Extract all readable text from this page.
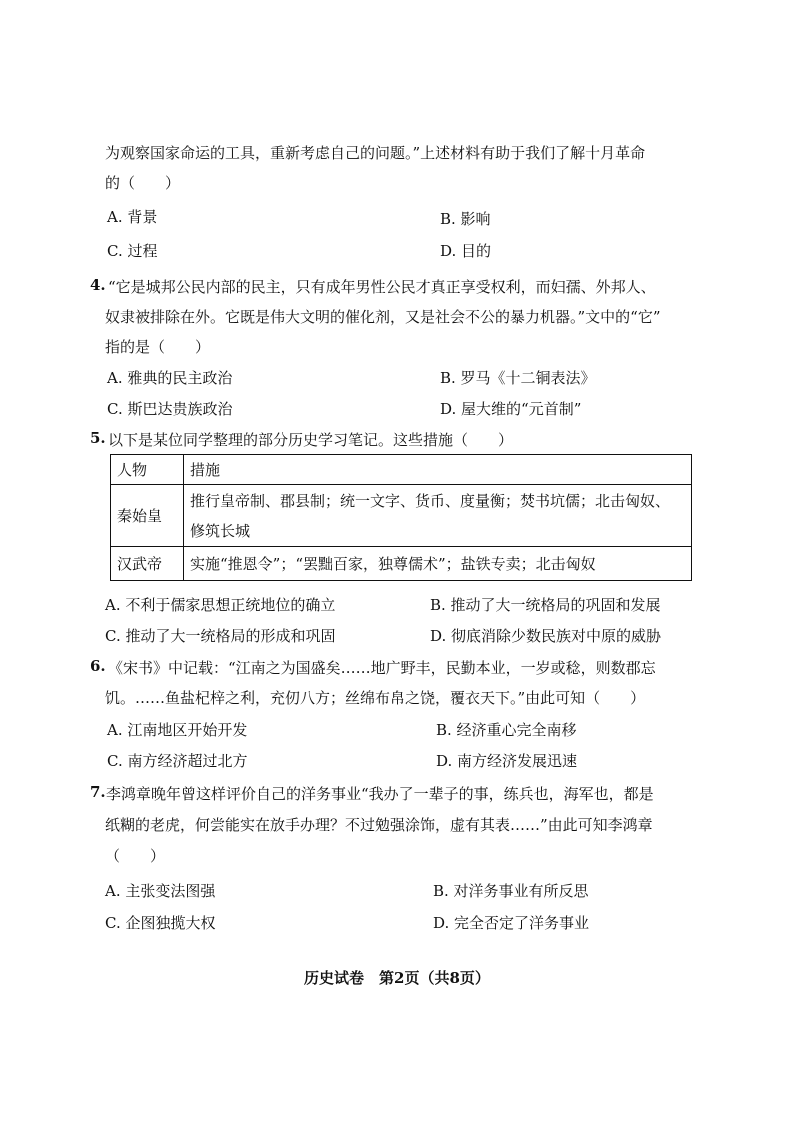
为观察国家命运的工具，重新考虑自己的问题。”上述材料有助于我们了解十月革命
的（　　）
A. 背景	B. 影响
C. 过程	D. 目的
4. “它是城邦公民内部的民主，只有成年男性公民才真正享受权利，而妇孺、外邦人、
奴隶被排除在外。它既是伟大文明的催化剂，又是社会不公的暴力机器。”文中的“它”
指的是（　　）
A. 雅典的民主政治	B. 罗马《十二铜表法》
C. 斯巴达贵族政治	D. 屋大维的“元首制”
5. 以下是某位同学整理的部分历史学习笔记。这些措施（　　）
人物	措施
秦始皇	推行皇帝制、郡县制；统一文字、货币、度量衡；焚书坑儒；北击匈奴、
修筑长城

汉武帝	实施“推恩令”；“罢黜百家，独尊儒术”；盐铁专卖；北击匈奴
A. 不利于儒家思想正统地位的确立	B. 推动了大一统格局的巩固和发展
C. 推动了大一统格局的形成和巩固	D. 彻底消除少数民族对中原的威胁
6. 《宋书》中记载：“江南之为国盛矣……地广野丰，民勤本业，一岁或稔，则数郡忘
饥。……鱼盐杞梓之利，充仞八方；丝绵布帛之饶，覆衣天下。”由此可知（　　）
A. 江南地区开始开发	B. 经济重心完全南移
C. 南方经济超过北方	D. 南方经济发展迅速
7. 李鸿章晚年曾这样评价自己的洋务事业“我办了一辈子的事，练兵也，海军也，都是
纸糊的老虎，何尝能实在放手办理？不过勉强涂饰，虚有其表……”由此可知李鸿章
（　　）
A. 主张变法图强	B. 对洋务事业有所反思
C. 企图独揽大权	D. 完全否定了洋务事业
历史试卷　第2页（共8页）
